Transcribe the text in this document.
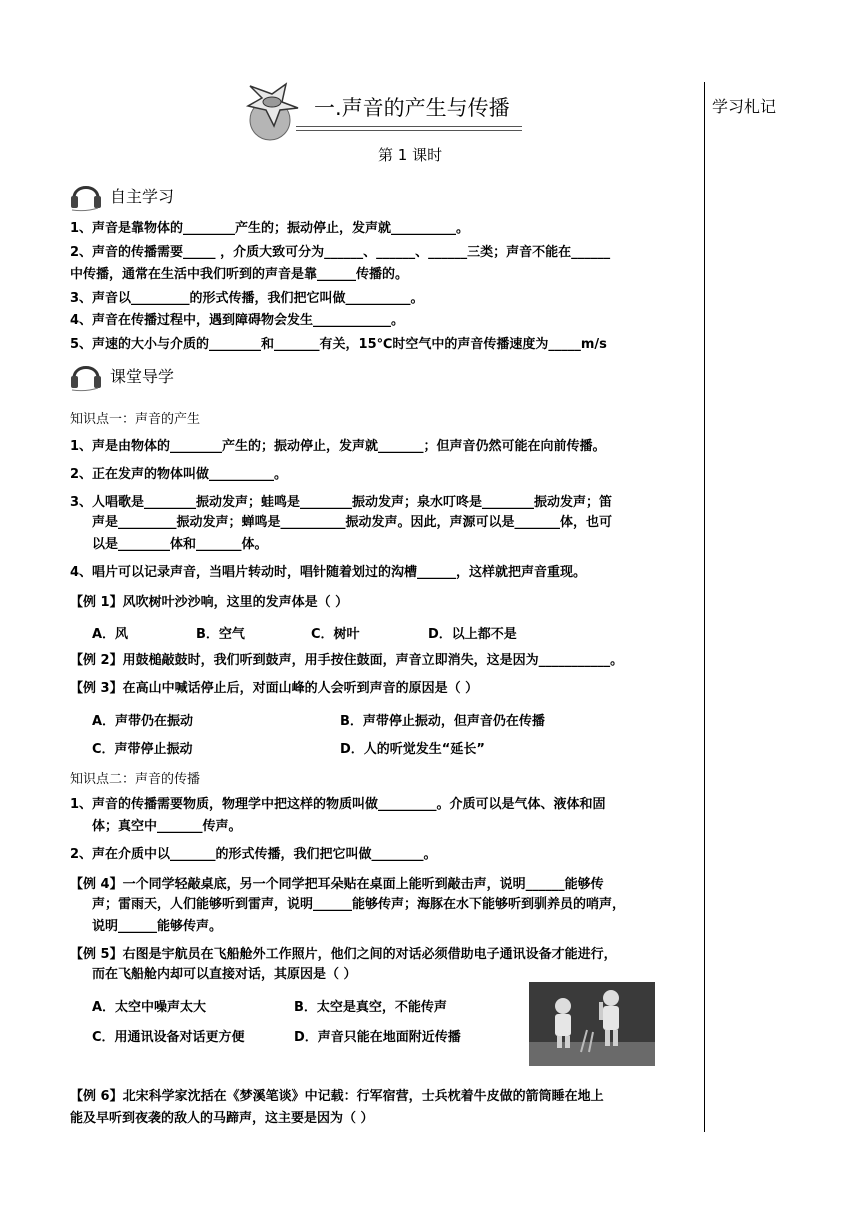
学习札记
一.声音的产生与传播
第 1 课时
自主学习
1、声音是靠物体的________产生的；振动停止，发声就__________。
2、声音的传播需要_____ ，介质大致可分为______、______、______三类；声音不能在______
中传播，通常在生活中我们听到的声音是靠______传播的。
3、声音以_________的形式传播，我们把它叫做__________。
4、声音在传播过程中，遇到障碍物会发生____________。
5、声速的大小与介质的________和_______有关，15℃时空气中的声音传播速度为_____m/s
课堂导学
知识点一：声音的产生
1、声是由物体的________产生的；振动停止，发声就_______；但声音仍然可能在向前传播。
2、正在发声的物体叫做__________。
3、人唱歌是________振动发声；蛙鸣是________振动发声；泉水叮咚是________振动发声；笛
声是_________振动发声；蝉鸣是__________振动发声。因此，声源可以是_______体，也可
以是________体和_______体。
4、唱片可以记录声音，当唱片转动时，唱针随着划过的沟槽______，这样就把声音重现。
【例 1】风吹树叶沙沙响，这里的发声体是（ ）
A．风	B．空气	C．树叶	D．以上都不是
【例 2】用鼓槌敲鼓时，我们听到鼓声，用手按住鼓面，声音立即消失，这是因为___________。
【例 3】在高山中喊话停止后，对面山峰的人会听到声音的原因是（ ）
A．声带仍在振动	B．声带停止振动，但声音仍在传播
C．声带停止振动	D．人的听觉发生“延长”
知识点二：声音的传播
1、声音的传播需要物质，物理学中把这样的物质叫做_________。介质可以是气体、液体和固
体；真空中_______传声。
2、声在介质中以_______的形式传播，我们把它叫做________。
【例 4】一个同学轻敲桌底，另一个同学把耳朵贴在桌面上能听到敲击声，说明______能够传
声；雷雨天，人们能够听到雷声，说明______能够传声；海豚在水下能够听到驯养员的哨声，
说明______能够传声。
【例 5】右图是宇航员在飞船舱外工作照片，他们之间的对话必须借助电子通讯设备才能进行，
而在飞船舱内却可以直接对话，其原因是（ ）
A．太空中噪声太大	B．太空是真空，不能传声
C．用通讯设备对话更方便	D．声音只能在地面附近传播
【例 6】北宋科学家沈括在《梦溪笔谈》中记载：行军宿营，士兵枕着牛皮做的箭筒睡在地上
能及早听到夜袭的敌人的马蹄声，这主要是因为（ ）
